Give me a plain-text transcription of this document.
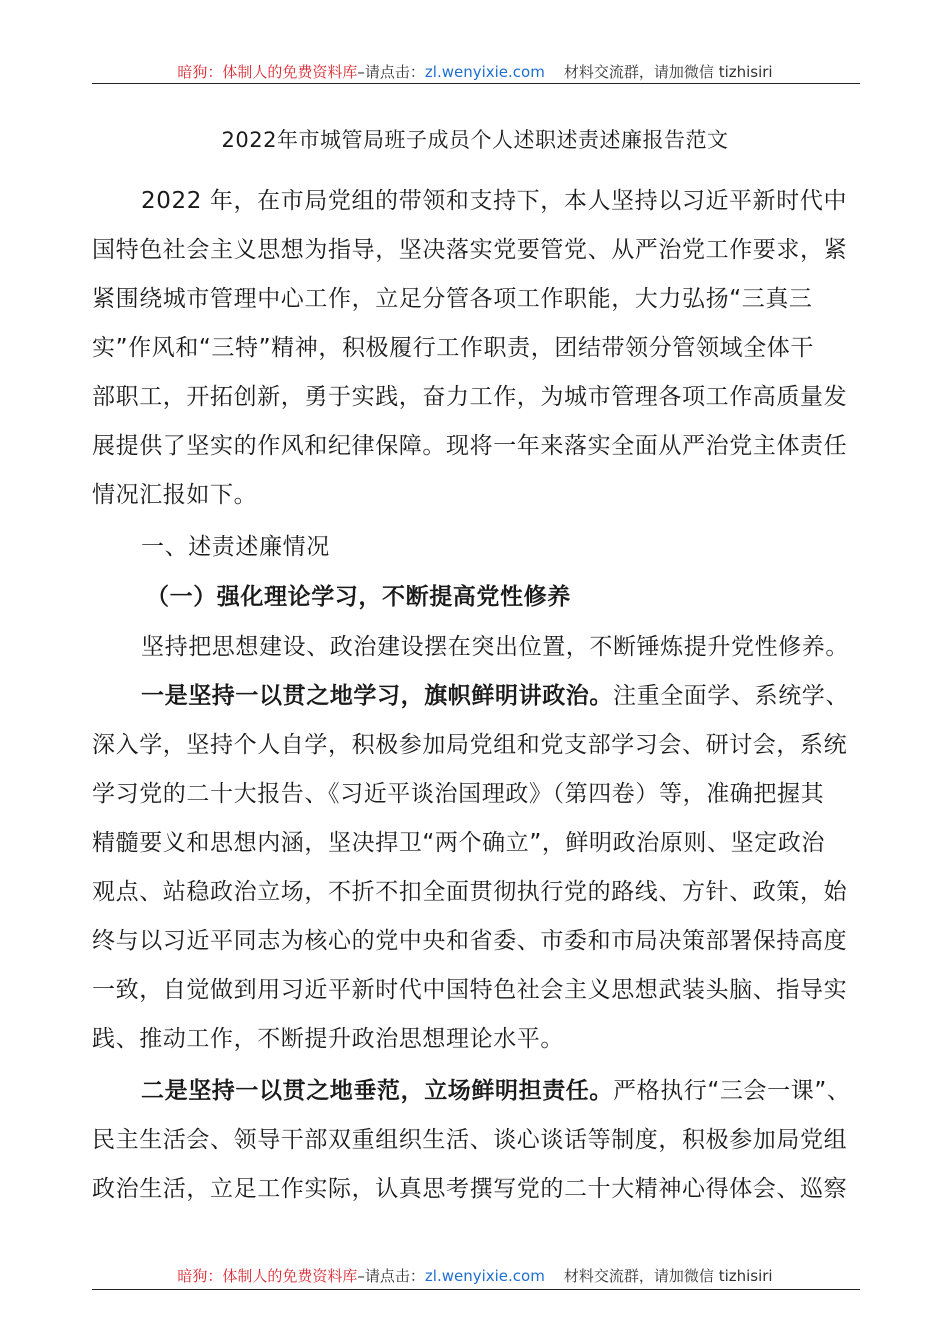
暗狗：体制人的免费资料库–请点击：zl.wenyixie.com 材料交流群，请加微信 tizhisiri
2022年市城管局班子成员个人述职述责述廉报告范文
2022 年，在市局党组的带领和支持下，本人坚持以习近平新时代中
国特色社会主义思想为指导，坚决落实党要管党、从严治党工作要求，紧
紧围绕城市管理中心工作，立足分管各项工作职能，大力弘扬“三真三
实”作风和“三特”精神，积极履行工作职责，团结带领分管领域全体干
部职工，开拓创新，勇于实践，奋力工作，为城市管理各项工作高质量发
展提供了坚实的作风和纪律保障。现将一年来落实全面从严治党主体责任
情况汇报如下。
一、述责述廉情况
（一）强化理论学习，不断提高党性修养
坚持把思想建设、政治建设摆在突出位置，不断锤炼提升党性修养。
一是坚持一以贯之地学习，旗帜鲜明讲政治。注重全面学、系统学、
深入学，坚持个人自学，积极参加局党组和党支部学习会、研讨会，系统
学习党的二十大报告、《习近平谈治国理政》（第四卷）等，准确把握其
精髓要义和思想内涵，坚决捍卫“两个确立”，鲜明政治原则、坚定政治
观点、站稳政治立场，不折不扣全面贯彻执行党的路线、方针、政策，始
终与以习近平同志为核心的党中央和省委、市委和市局决策部署保持高度
一致，自觉做到用习近平新时代中国特色社会主义思想武装头脑、指导实
践、推动工作，不断提升政治思想理论水平。
二是坚持一以贯之地垂范，立场鲜明担责任。严格执行“三会一课”、
民主生活会、领导干部双重组织生活、谈心谈话等制度，积极参加局党组
政治生活，立足工作实际，认真思考撰写党的二十大精神心得体会、巡察
暗狗：体制人的免费资料库–请点击：zl.wenyixie.com 材料交流群，请加微信 tizhisiri
